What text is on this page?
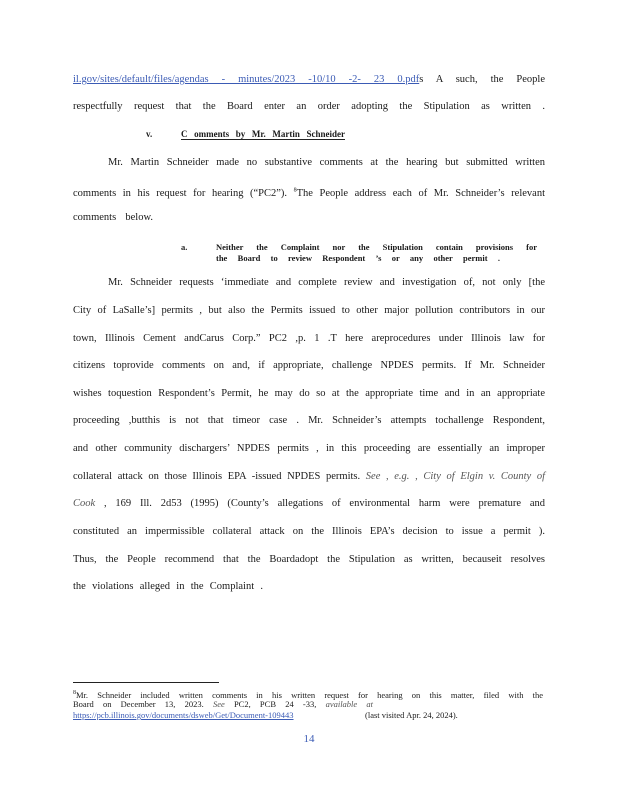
il.gov/sites/default/files/agendas - minutes/2023 -10/10 -2- 23 0.pdfs A such, the People
respectfully request that the Board enter an order adopting the Stipulation as written .
v.	C omments by Mr. Martin Schneider
Mr. Martin Schneider made no substantive comments at the hearing but submitted written
comments in his request for hearing (“PC2”). $^8$The People address each of Mr. Schneider’s relevant
comments below.
a.	Neither the Complaint nor the Stipulation contain provisions for
the Board to review Respondent ’s or any other permit .
Mr. Schneider requests ‘immediate and complete review and investigation of, not only [the
City of LaSalle’s] permits , but also the Permits issued to other major pollution contributors in our
town, Illinois Cement andCarus Corp.” PC2 ,p. 1 .T here areprocedures under Illinois law for
citizens toprovide comments on and, if appropriate, challenge NPDES permits. If Mr. Schneider
wishes toquestion Respondent’s Permit, he may do so at the appropriate time and in an appropriate
proceeding ,butthis is not that timeor case . Mr. Schneider’s attempts tochallenge Respondent,
and other community dischargers’ NPDES permits , in this proceeding are essentially an improper
collateral attack on those Illinois EPA -issued NPDES permits. See , e.g. , City of Elgin v. County of
Cook , 169 Ill. 2d53 (1995) (County’s allegations of environmental harm were premature and
constituted an impermissible collateral attack on the Illinois EPA’s decision to issue a permit ).
Thus, the People recommend that the Boardadopt the Stipulation as written, becauseit resolves
the violations alleged in the Complaint .
$^8$Mr. Schneider included written comments in his written request for hearing on this matter, filed with the
Board on December 13, 2023. See PC2, PCB 24 -33, available at
https://pcb.illinois.gov/documents/dsweb/Get/Document-109443	(last visited Apr. 24, 2024).
14
